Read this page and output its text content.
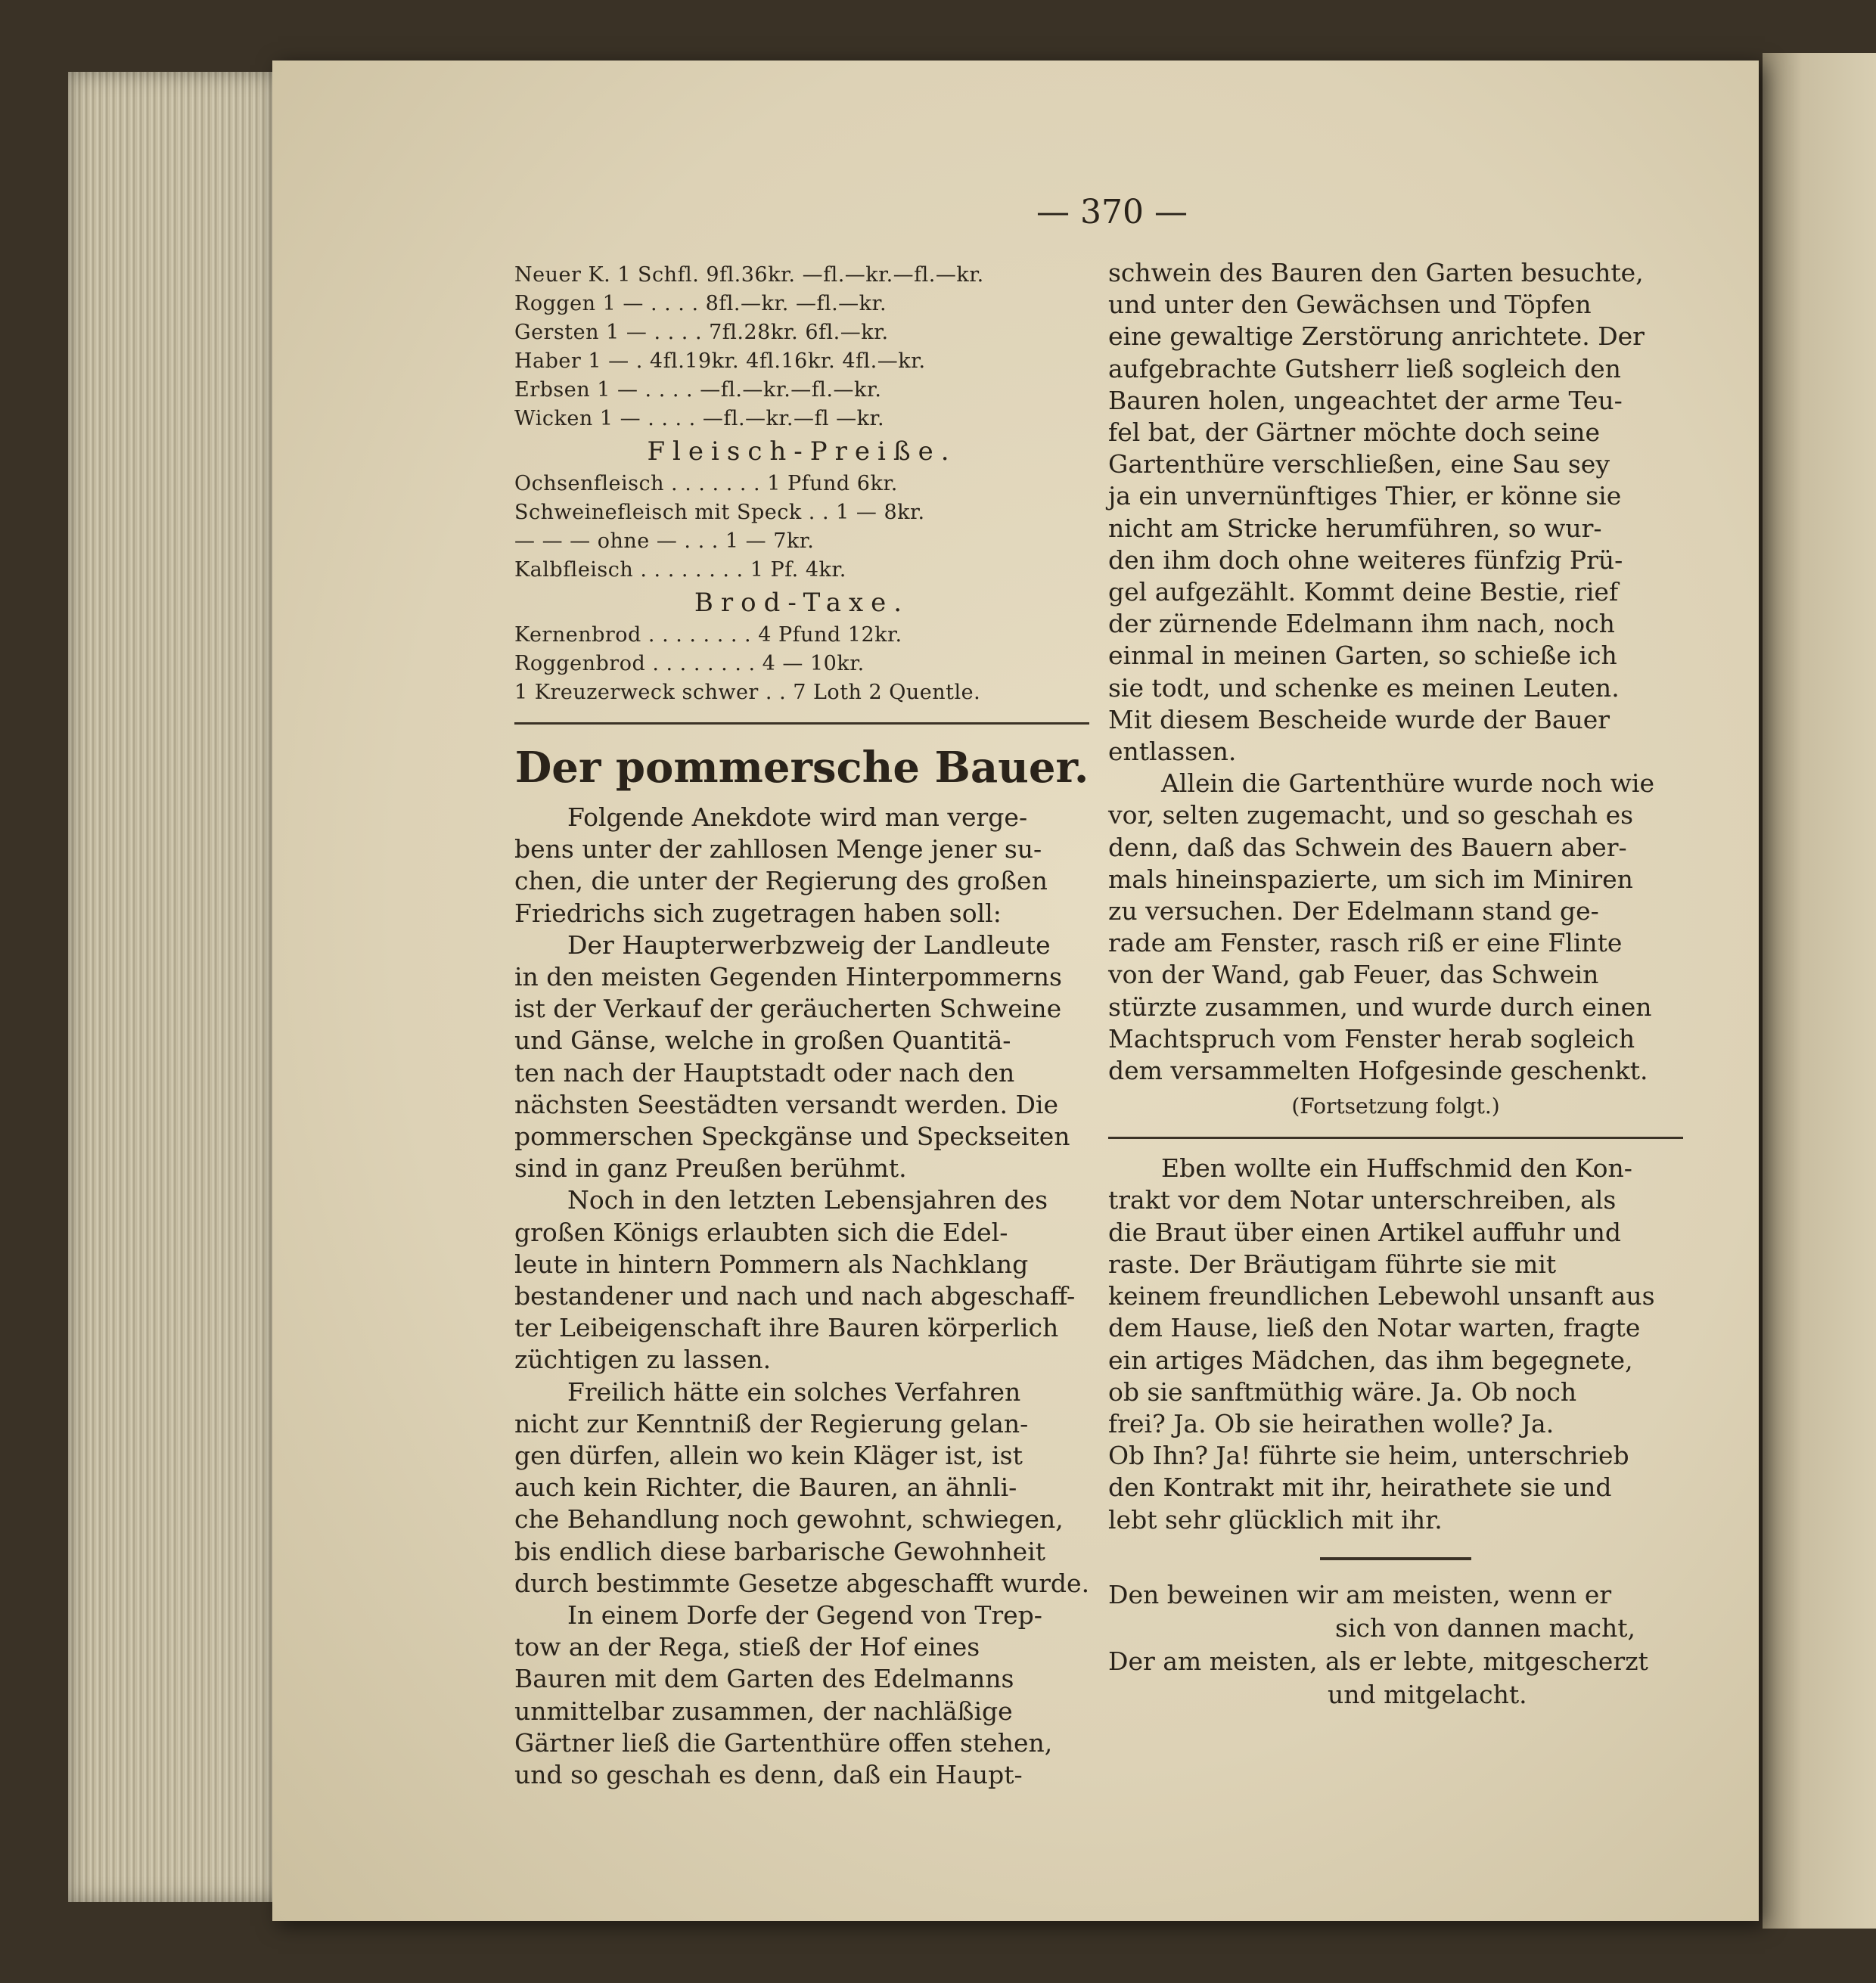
— 370 —
Neuer K. 1 Schfl. 9fl.36kr. —fl.—kr.—fl.—kr.
Roggen 1 — . . . . 8fl.—kr. —fl.—kr.
Gersten 1 — . . . . 7fl.28kr. 6fl.—kr.
Haber 1 — . 4fl.19kr. 4fl.16kr. 4fl.—kr.
Erbsen 1 — . . . . —fl.—kr.—fl.—kr.
Wicken 1 — . . . . —fl.—kr.—fl —kr.
Fleisch-Preiße.
Ochsenfleisch . . . . . . . 1 Pfund 6kr.
Schweinefleisch mit Speck . . 1 — 8kr.
— — — ohne — . . . 1 — 7kr.
Kalbfleisch . . . . . . . . 1 Pf. 4kr.
Brod-Taxe.
Kernenbrod . . . . . . . . 4 Pfund 12kr.
Roggenbrod . . . . . . . . 4 — 10kr.
1 Kreuzerweck schwer . . 7 Loth 2 Quentle.
Der pommersche Bauer.
Folgende Anekdote wird man verge-
bens unter der zahllosen Menge jener su-
chen, die unter der Regierung des großen
Friedrichs sich zugetragen haben soll:
Der Haupterwerbzweig der Landleute
in den meisten Gegenden Hinterpommerns
ist der Verkauf der geräucherten Schweine
und Gänse, welche in großen Quantitä-
ten nach der Hauptstadt oder nach den
nächsten Seestädten versandt werden. Die
pommerschen Speckgänse und Speckseiten
sind in ganz Preußen berühmt.
Noch in den letzten Lebensjahren des
großen Königs erlaubten sich die Edel-
leute in hintern Pommern als Nachklang
bestandener und nach und nach abgeschaff-
ter Leibeigenschaft ihre Bauren körperlich
züchtigen zu lassen.
Freilich hätte ein solches Verfahren
nicht zur Kenntniß der Regierung gelan-
gen dürfen, allein wo kein Kläger ist, ist
auch kein Richter, die Bauren, an ähnli-
che Behandlung noch gewohnt, schwiegen,
bis endlich diese barbarische Gewohnheit
durch bestimmte Gesetze abgeschafft wurde.
In einem Dorfe der Gegend von Trep-
tow an der Rega, stieß der Hof eines
Bauren mit dem Garten des Edelmanns
unmittelbar zusammen, der nachläßige
Gärtner ließ die Gartenthüre offen stehen,
und so geschah es denn, daß ein Haupt-
schwein des Bauren den Garten besuchte,
und unter den Gewächsen und Töpfen
eine gewaltige Zerstörung anrichtete. Der
aufgebrachte Gutsherr ließ sogleich den
Bauren holen, ungeachtet der arme Teu-
fel bat, der Gärtner möchte doch seine
Gartenthüre verschließen, eine Sau sey
ja ein unvernünftiges Thier, er könne sie
nicht am Stricke herumführen, so wur-
den ihm doch ohne weiteres fünfzig Prü-
gel aufgezählt. Kommt deine Bestie, rief
der zürnende Edelmann ihm nach, noch
einmal in meinen Garten, so schieße ich
sie todt, und schenke es meinen Leuten.
Mit diesem Bescheide wurde der Bauer
entlassen.
Allein die Gartenthüre wurde noch wie
vor, selten zugemacht, und so geschah es
denn, daß das Schwein des Bauern aber-
mals hineinspazierte, um sich im Miniren
zu versuchen. Der Edelmann stand ge-
rade am Fenster, rasch riß er eine Flinte
von der Wand, gab Feuer, das Schwein
stürzte zusammen, und wurde durch einen
Machtspruch vom Fenster herab sogleich
dem versammelten Hofgesinde geschenkt.
(Fortsetzung folgt.)
Eben wollte ein Huffschmid den Kon-
trakt vor dem Notar unterschreiben, als
die Braut über einen Artikel auffuhr und
raste. Der Bräutigam führte sie mit
keinem freundlichen Lebewohl unsanft aus
dem Hause, ließ den Notar warten, fragte
ein artiges Mädchen, das ihm begegnete,
ob sie sanftmüthig wäre. Ja. Ob noch
frei? Ja. Ob sie heirathen wolle? Ja.
Ob Ihn? Ja! führte sie heim, unterschrieb
den Kontrakt mit ihr, heirathete sie und
lebt sehr glücklich mit ihr.
Den beweinen wir am meisten, wenn er
sich von dannen macht,
Der am meisten, als er lebte, mitgescherzt
und mitgelacht.
